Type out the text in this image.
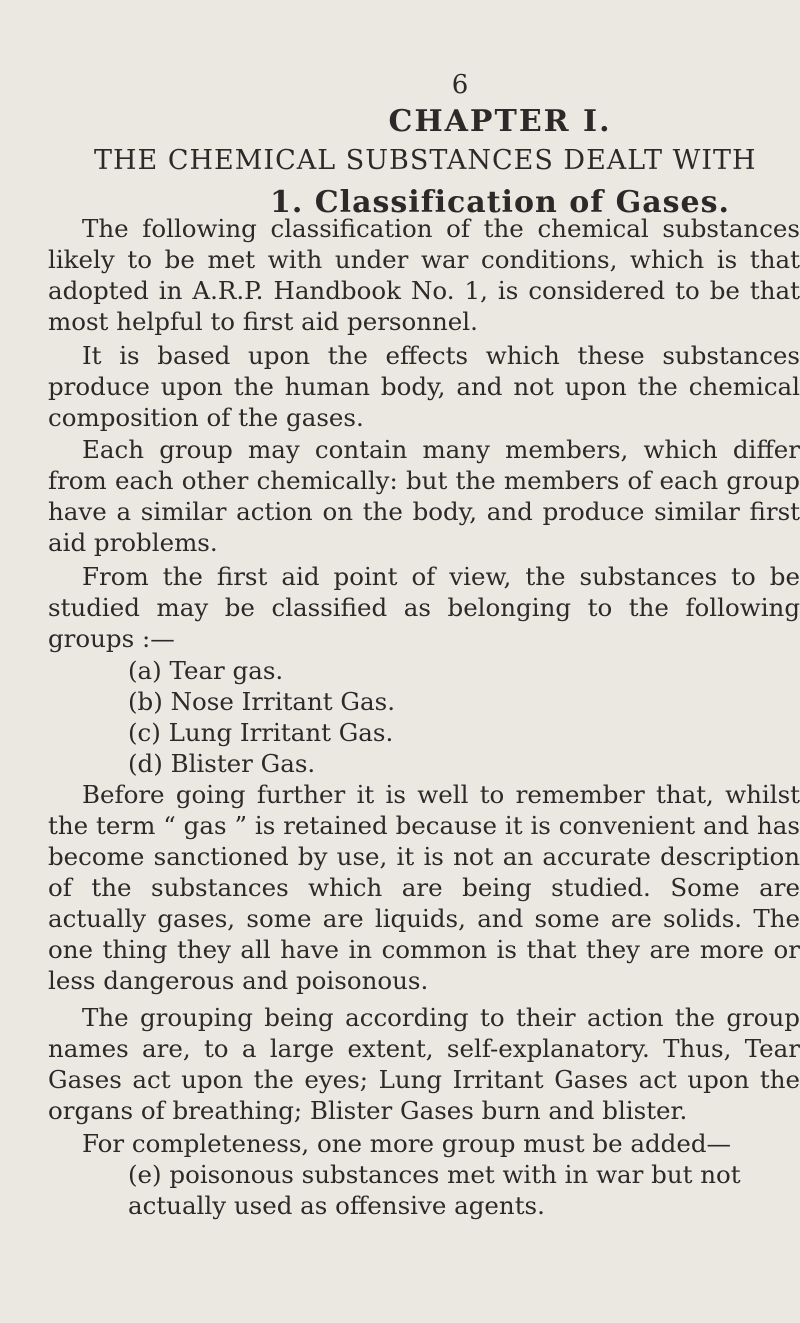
6
CHAPTER I.
THE CHEMICAL SUBSTANCES DEALT WITH
1. Classification of Gases.

The following classification of the chemical substances likely to be met with under war conditions, which is that adopted in A.R.P. Handbook No. 1, is considered to be that most helpful to first aid personnel.

It is based upon the effects which these substances produce upon the human body, and not upon the chemical composition of the gases.

Each group may contain many members, which differ from each other chemically: but the members of each group have a similar action on the body, and produce similar first aid problems.

From the first aid point of view, the substances to be studied may be classified as belonging to the following groups :—

(a) Tear gas.
(b) Nose Irritant Gas.
(c) Lung Irritant Gas.
(d) Blister Gas.

Before going further it is well to remember that, whilst the term “ gas ” is retained because it is convenient and has become sanctioned by use, it is not an accurate description of the substances which are being studied. Some are actually gases, some are liquids, and some are solids. The one thing they all have in common is that they are more or less dangerous and poisonous.

The grouping being according to their action the group names are, to a large extent, self-explanatory. Thus, Tear Gases act upon the eyes; Lung Irritant Gases act upon the organs of breathing; Blister Gases burn and blister.

For completeness, one more group must be added—

(e) poisonous substances met with in war but not actually used as offensive agents.
